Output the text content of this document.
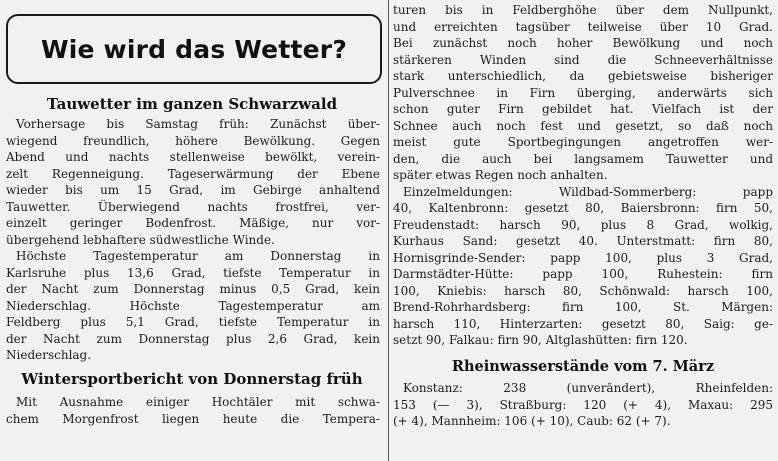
Wie wird das Wetter?
Tauwetter im ganzen Schwarzwald
Vorhersage bis Samstag früh: Zunächst über-
wiegend freundlich, höhere Bewölkung. Gegen
Abend und nachts stellenweise bewölkt, verein-
zelt Regenneigung. Tageserwärmung der Ebene
wieder bis um 15 Grad, im Gebirge anhaltend
Tauwetter. Überwiegend nachts frostfrei, ver-
einzelt geringer Bodenfrost. Mäßige, nur vor-
übergehend lebhaftere südwestliche Winde.
Höchste Tagestemperatur am Donnerstag in
Karlsruhe plus 13,6 Grad, tiefste Temperatur in
der Nacht zum Donnerstag minus 0,5 Grad, kein
Niederschlag. Höchste Tagestemperatur am
Feldberg plus 5,1 Grad, tiefste Temperatur in
der Nacht zum Donnerstag plus 2,6 Grad, kein
Niederschlag.
Wintersportbericht von Donnerstag früh
Mit Ausnahme einiger Hochtäler mit schwa-
chem Morgenfrost liegen heute die Tempera-
turen bis in Feldberghöhe über dem Nullpunkt,
und erreichten tagsüber teilweise über 10 Grad.
Bei zunächst noch hoher Bewölkung und noch
stärkeren Winden sind die Schneeverhältnisse
stark unterschiedlich, da gebietsweise bisheriger
Pulverschnee in Firn überging, anderwärts sich
schon guter Firn gebildet hat. Vielfach ist der
Schnee auch noch fest und gesetzt, so daß noch
meist gute Sportbegingungen angetroffen wer-
den, die auch bei langsamem Tauwetter und
später etwas Regen noch anhalten.
Einzelmeldungen: Wildbad-Sommerberg: papp
40, Kaltenbronn: gesetzt 80, Baiersbronn: firn 50,
Freudenstadt: harsch 90, plus 8 Grad, wolkig,
Kurhaus Sand: gesetzt 40. Unterstmatt: firn 80,
Hornisgrinde-Sender: papp 100, plus 3 Grad,
Darmstädter-Hütte: papp 100, Ruhestein: firn
100, Kniebis: harsch 80, Schönwald: harsch 100,
Brend-Rohrhardsberg: firn 100, St. Märgen:
harsch 110, Hinterzarten: gesetzt 80, Saig: ge-
setzt 90, Falkau: firn 90, Altglashütten: firn 120.
Rheinwasserstände vom 7. März
Konstanz: 238 (unverändert), Rheinfelden:
153 (— 3), Straßburg: 120 (+ 4), Maxau: 295
(+ 4), Mannheim: 106 (+ 10), Caub: 62 (+ 7).
